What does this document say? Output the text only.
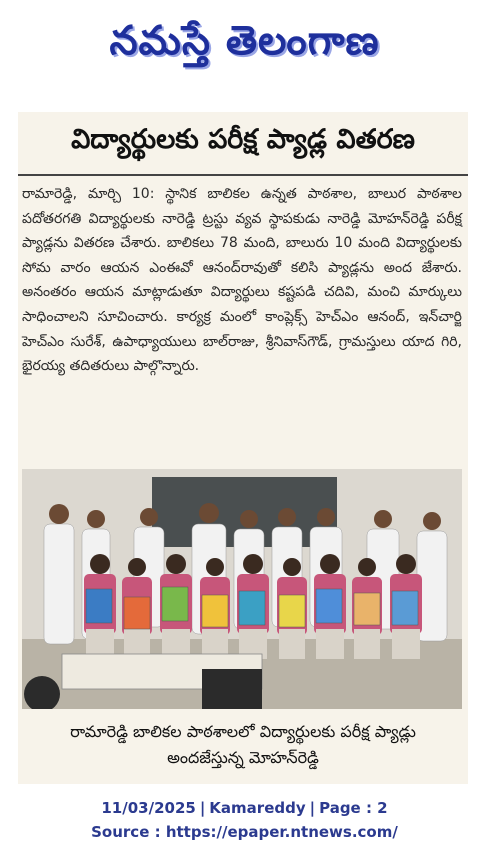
నమస్తే తెలంగాణ
విద్యార్థులకు పరీక్ష ప్యాడ్ల వితరణ
రామారెడ్డి, మార్చి 10: స్థానిక బాలికల ఉన్నత పాఠశాల, బాలుర పాఠశాల పదోతరగతి విద్యార్థులకు నారెడ్డి ట్రస్టు వ్యవ స్థాపకుడు నారెడ్డి మోహన్‌రెడ్డి పరీక్ష ప్యాడ్లను వితరణ చేశారు. బాలికలు 78 మంది, బాలురు 10 మంది విద్యార్థులకు సోమ వారం ఆయన ఎంఈవో ఆనంద్‌రావుతో కలిసి ప్యాడ్లను అంద జేశారు. అనంతరం ఆయన మాట్లాడుతూ విద్యార్థులు కష్టపడి చదివి, మంచి మార్కులు సాధించాలని సూచించారు. కార్యక్ర మంలో కాంప్లెక్స్ హెచ్‌ఎం ఆనంద్, ఇన్‌చార్జి హెచ్‌ఎం సురేశ్, ఉపాధ్యాయులు బాల్‌రాజు, శ్రీనివాస్‌గౌడ్, గ్రామస్తులు యాద గిరి, భైరయ్య తదితరులు పాల్గొన్నారు.
రామారెడ్డి బాలికల పాఠశాలలో విద్యార్థులకు పరీక్ష ప్యాడ్లు
అందజేస్తున్న మోహన్‌రెడ్డి
11/03/2025 | Kamareddy | Page : 2
Source : https://epaper.ntnews.com/
